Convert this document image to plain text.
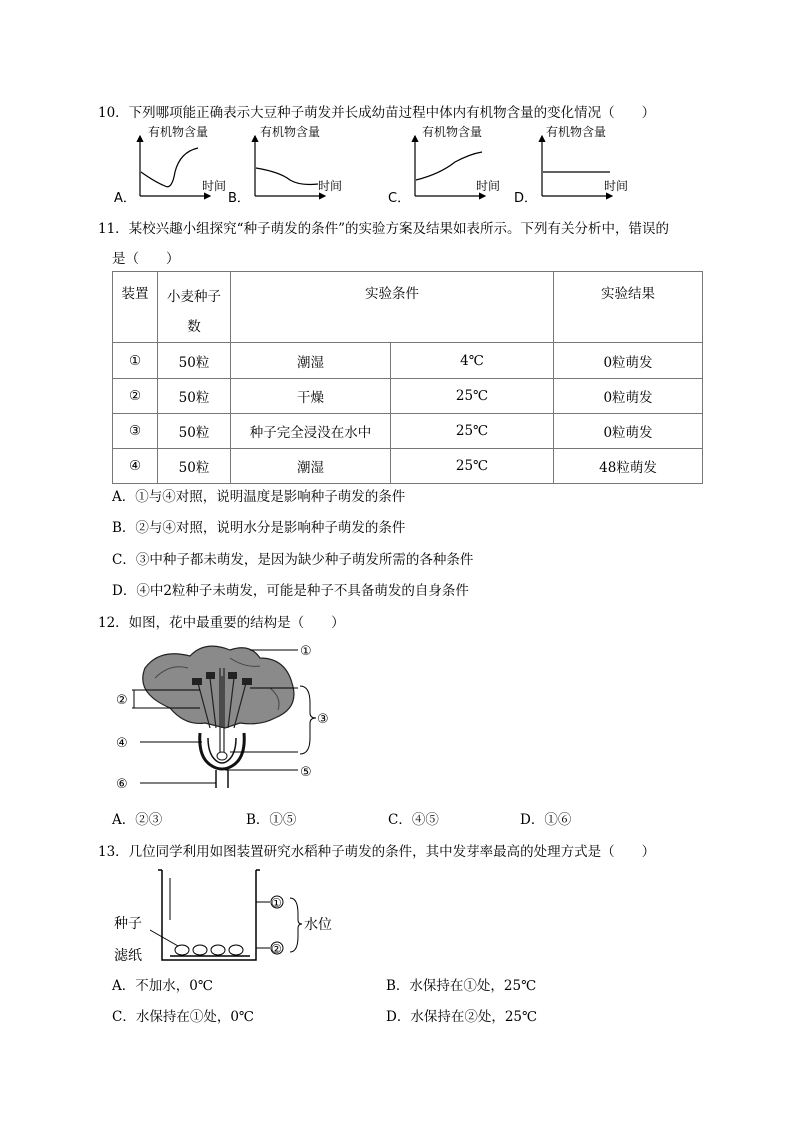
10．下列哪项能正确表示大豆种子萌发并长成幼苗过程中体内有机物含量的变化情况（　　）
有机物含量
时间
A．
有机物含量
时间
B．
有机物含量
时间
C．
有机物含量
时间
D．
11．某校兴趣小组探究“种子萌发的条件”的实验方案及结果如表所示。下列有关分析中，错误的
是（　　）
装置	小麦种子
数	实验条件		实验结果
①	50粒	潮湿	4℃	0粒萌发
②	50粒	干燥	25℃	0粒萌发
③	50粒	种子完全浸没在水中	25℃	0粒萌发
④	50粒	潮湿	25℃	48粒萌发
A．①与④对照，说明温度是影响种子萌发的条件
B．②与④对照，说明水分是影响种子萌发的条件
C．③中种子都未萌发，是因为缺少种子萌发所需的各种条件
D．④中2粒种子未萌发，可能是种子不具备萌发的自身条件
12．如图，花中最重要的结构是（　　）
①
②
③
④
⑤
⑥
A．②③	B．①⑤	C．④⑤	D．①⑥
13．几位同学利用如图装置研究水稻种子萌发的条件，其中发芽率最高的处理方式是（　　）
①
②
水位
种子
滤纸
A．不加水，0℃	B．水保持在①处，25℃
C．水保持在①处，0℃	D．水保持在②处，25℃
